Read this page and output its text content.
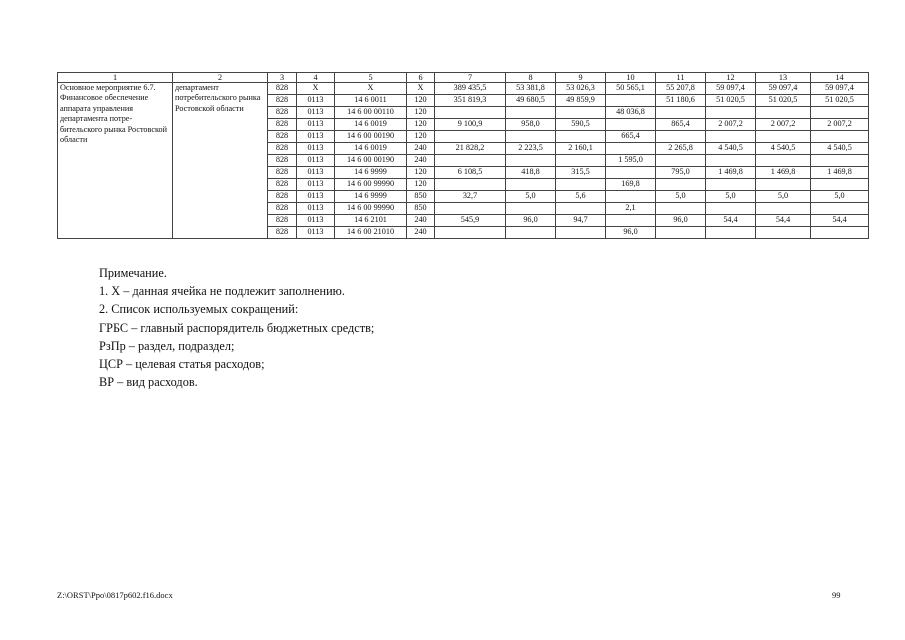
1	2	3	4	5	6	7	8	9	10	11	12	13	14
Основное мероприятие 6.7. Финансовое обеспечение аппарата управления департамента потре-бительского рынка Ростовской области	департамент потребительского рынка Ростовской области	828	X	X	X	389 435,5	53 381,8	53 026,3	50 565,1	55 207,8	59 097,4	59 097,4	59 097,4
		828	0113	14 6 0011	120	351 819,3	49 680,5	49 859,9		51 180,6	51 020,5	51 020,5	51 020,5
		828	0113	14 6 00 00110	120				48 036,8				
		828	0113	14 6 0019	120	9 100,9	958,0	590,5		865,4	2 007,2	2 007,2	2 007,2
		828	0113	14 6 00 00190	120				665,4				
		828	0113	14 6 0019	240	21 828,2	2 223,5	2 160,1		2 265,8	4 540,5	4 540,5	4 540,5
		828	0113	14 6 00 00190	240				1 595,0				
		828	0113	14 6 9999	120	6 108,5	418,8	315,5		795,0	1 469,8	1 469,8	1 469,8
		828	0113	14 6 00 99990	120				169,8				
		828	0113	14 6 9999	850	32,7	5,0	5,6		5,0	5,0	5,0	5,0
		828	0113	14 6 00 99990	850				2,1				
		828	0113	14 6 2101	240	545,9	96,0	94,7		96,0	54,4	54,4	54,4
		828	0113	14 6 00 21010	240				96,0				
Примечание.
1. Х – данная ячейка не подлежит заполнению.
2. Список используемых сокращений:
ГРБС – главный распорядитель бюджетных средств;
РзПр – раздел, подраздел;
ЦСР – целевая статья расходов;
ВР – вид расходов.
Z:\ORST\Ppo\0817p602.f16.docx	99
